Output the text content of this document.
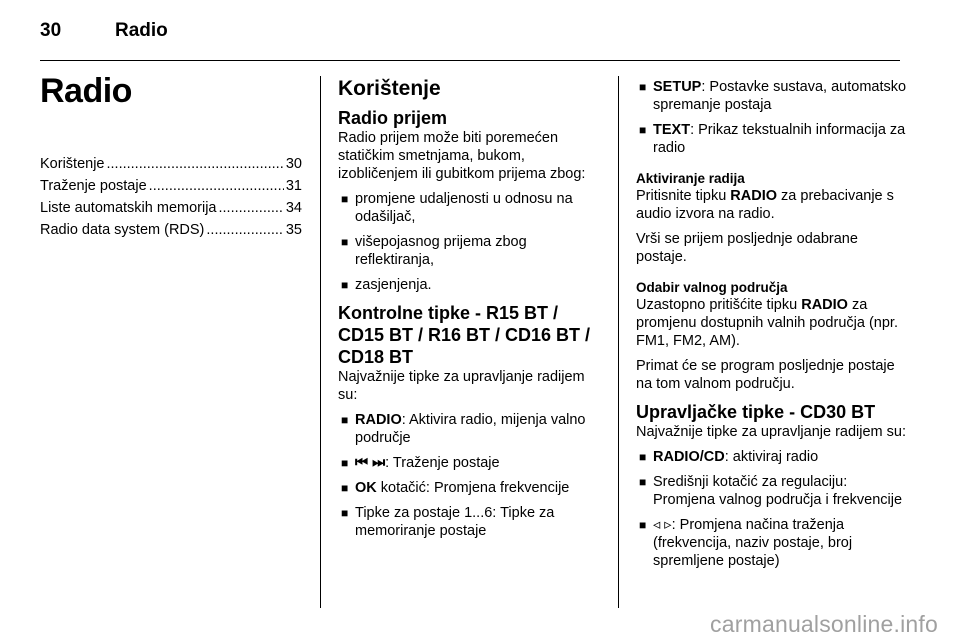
30	Radio
Radio
Korištenje .....	30
Traženje postaje .....	31
Liste automatskih memorija .....	34
Radio data system (RDS) .....	35
Korištenje
Radio prijem

Radio prijem može biti poremećen statičkim smetnjama, bukom, izobličenjem ili gubitkom prijema zbog:

■ promjene udaljenosti u odnosu na odašiljač,
■ višepojasnog prijema zbog reflektiranja,
■ zasjenjenja.
Kontrolne tipke - R15 BT / CD15 BT / R16 BT / CD16 BT / CD18 BT

Najvažnije tipke za upravljanje radijem su:

■ RADIO: Aktivira radio, mijenja valno područje
■ ⏮ ⏭: Traženje postaje
■ OK kotačić: Promjena frekvencije
■ Tipke za postaje 1...6: Tipke za memoriranje postaje
■ SETUP: Postavke sustava, automatsko spremanje postaja
■ TEXT: Prikaz tekstualnih informacija za radio
Aktiviranje radija

Pritisnite tipku RADIO za prebacivanje s audio izvora na radio.

Vrši se prijem posljednje odabrane postaje.

Odabir valnog područja

Uzastopno pritišćite tipku RADIO za promjenu dostupnih valnih područja (npr. FM1, FM2, AM).

Primat će se program posljednje postaje na tom valnom području.

Upravljačke tipke - CD30 BT

Najvažnije tipke za upravljanje radijem su:

■ RADIO/CD: aktiviraj radio
■ Središnji kotačić za regulaciju: Promjena valnog područja i frekvencije
■ ◃ ▹: Promjena načina traženja (frekvencija, naziv postaje, broj spremljene postaje)
carmanualsonline.info
